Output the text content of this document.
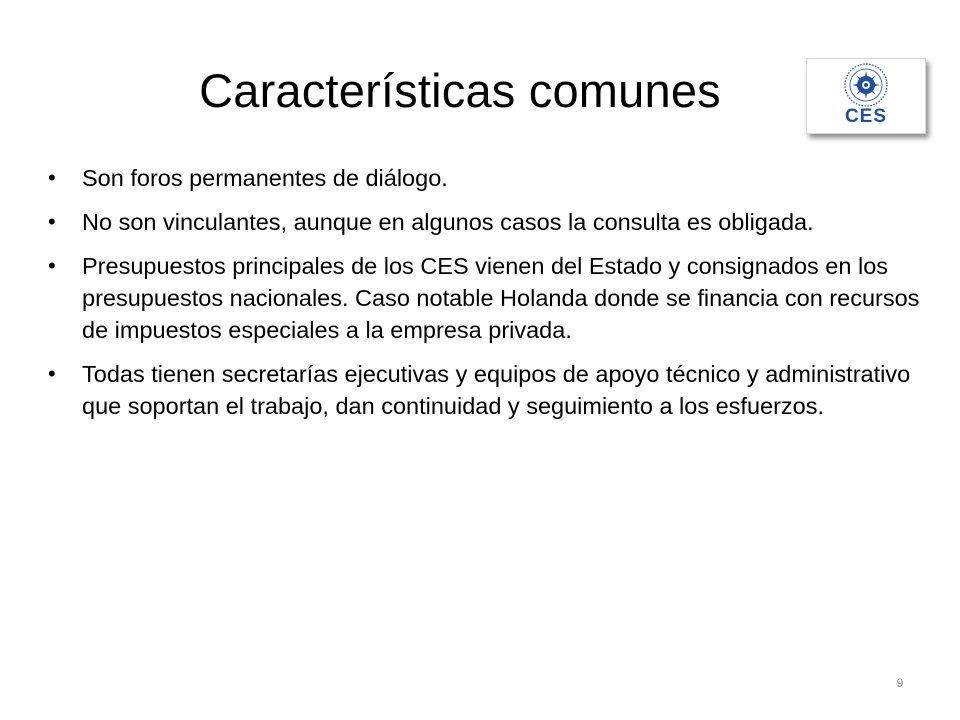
Características comunes	CES
•	Son foros permanentes de diálogo.
•	No son vinculantes, aunque en algunos casos la consulta es obligada.
•	Presupuestos principales de los CES vienen del Estado y consignados en los presupuestos nacionales. Caso notable Holanda donde se financia con recursos de impuestos especiales a la empresa privada.
•	Todas tienen secretarías ejecutivas y equipos de apoyo técnico y administrativo que soportan el trabajo, dan continuidad y seguimiento a los esfuerzos.
9
